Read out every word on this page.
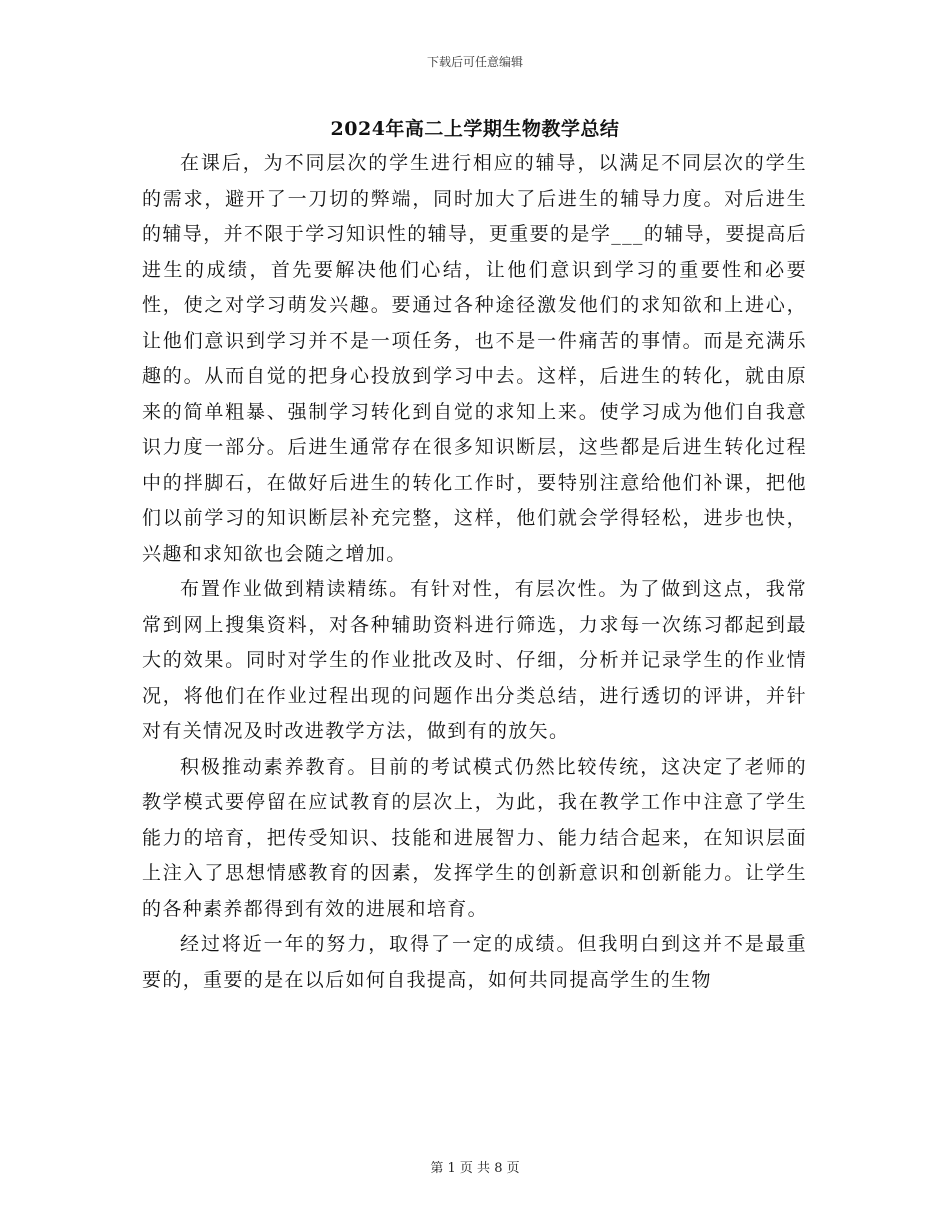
下载后可任意编辑
2024年高二上学期生物教学总结

在课后，为不同层次的学生进行相应的辅导，以满足不同层次的学生的需求，避开了一刀切的弊端，同时加大了后进生的辅导力度。对后进生的辅导，并不限于学习知识性的辅导，更重要的是学___的辅导，要提高后进生的成绩，首先要解决他们心结，让他们意识到学习的重要性和必要性，使之对学习萌发兴趣。要通过各种途径激发他们的求知欲和上进心，让他们意识到学习并不是一项任务，也不是一件痛苦的事情。而是充满乐趣的。从而自觉的把身心投放到学习中去。这样，后进生的转化，就由原来的简单粗暴、强制学习转化到自觉的求知上来。使学习成为他们自我意识力度一部分。后进生通常存在很多知识断层，这些都是后进生转化过程中的拌脚石，在做好后进生的转化工作时，要特别注意给他们补课，把他们以前学习的知识断层补充完整，这样，他们就会学得轻松，进步也快，兴趣和求知欲也会随之增加。

布置作业做到精读精练。有针对性，有层次性。为了做到这点，我常常到网上搜集资料，对各种辅助资料进行筛选，力求每一次练习都起到最大的效果。同时对学生的作业批改及时、仔细，分析并记录学生的作业情况，将他们在作业过程出现的问题作出分类总结，进行透切的评讲，并针对有关情况及时改进教学方法，做到有的放矢。

积极推动素养教育。目前的考试模式仍然比较传统，这决定了老师的教学模式要停留在应试教育的层次上，为此，我在教学工作中注意了学生能力的培育，把传受知识、技能和进展智力、能力结合起来，在知识层面上注入了思想情感教育的因素，发挥学生的创新意识和创新能力。让学生的各种素养都得到有效的进展和培育。

经过将近一年的努力，取得了一定的成绩。但我明白到这并不是最重要的，重要的是在以后如何自我提高，如何共同提高学生的生物

第 1 页 共 8 页
